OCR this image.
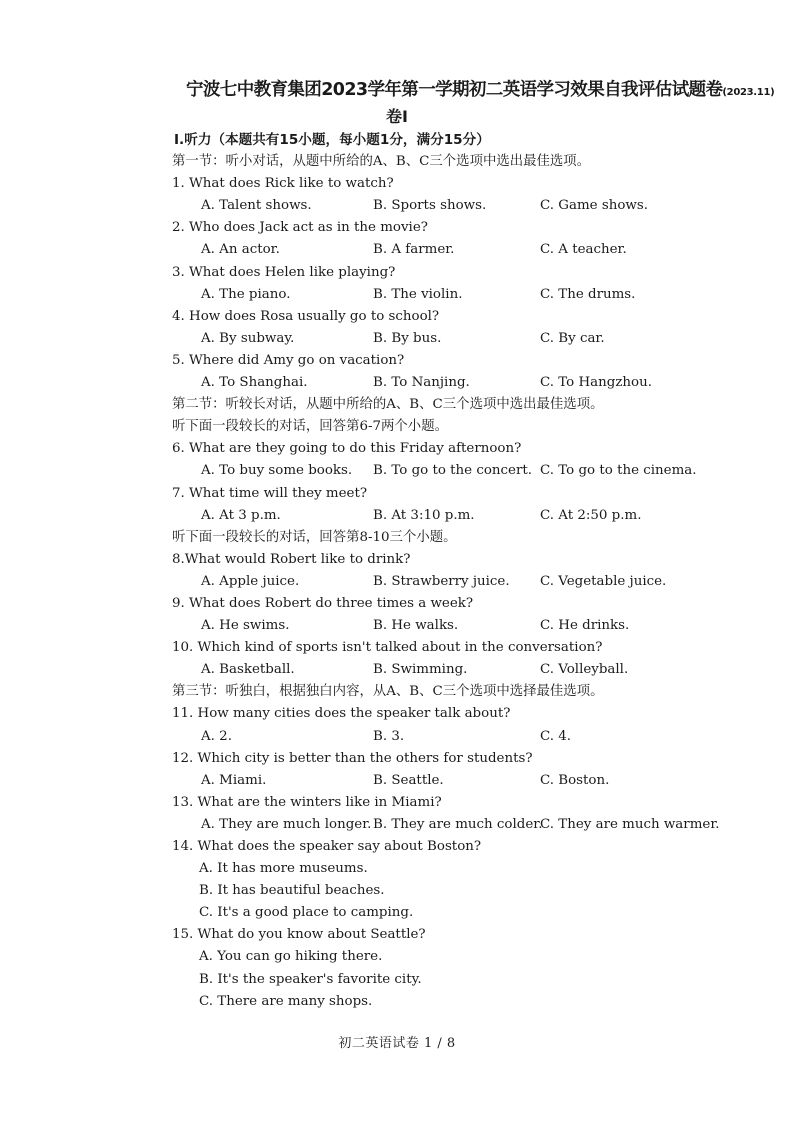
宁波七中教育集团2023学年第一学期初二英语学习效果自我评估试题卷(2023.11)
卷I
I.听力（本题共有15小题，每小题1分，满分15分）
第一节：听小对话，从题中所给的A、B、C三个选项中选出最佳选项。
1. What does Rick like to watch?
A. Talent shows.	B. Sports shows.	C. Game shows.
2. Who does Jack act as in the movie?
A. An actor.	B. A farmer.	C. A teacher.
3. What does Helen like playing?
A. The piano.	B. The violin.	C. The drums.
4. How does Rosa usually go to school?
A. By subway.	B. By bus.	C. By car.
5. Where did Amy go on vacation?
A. To Shanghai.	B. To Nanjing.	C. To Hangzhou.
第二节：听较长对话，从题中所给的A、B、C三个选项中选出最佳选项。
听下面一段较长的对话，回答第6-7两个小题。
6. What are they going to do this Friday afternoon?
A. To buy some books. B. To go to the concert. C. To go to the cinema.
7. What time will they meet?
A. At 3 p.m.	B. At 3:10 p.m.	C. At 2:50 p.m.
听下面一段较长的对话，回答第8-10三个小题。
8.What would Robert like to drink?
A. Apple juice.	B. Strawberry juice. C. Vegetable juice.
9. What does Robert do three times a week?
A. He swims.	B. He walks.	C. He drinks.
10. Which kind of sports isn't talked about in the conversation?
A. Basketball.	B. Swimming.	C. Volleyball.
第三节：听独白，根据独白内容，从A、B、C三个选项中选择最佳选项。
11. How many cities does the speaker talk about?
A. 2.	B. 3.	C. 4.
12. Which city is better than the others for students?
A. Miami.	B. Seattle.	C. Boston.
13. What are the winters like in Miami?
A. They are much longer. B. They are much colder.
C. They are much warmer.
14. What does the speaker say about Boston?
A. It has more museums.
B. It has beautiful beaches.
C. It's a good place to camping.
15. What do you know about Seattle?
A. You can go hiking there.
B. It's the speaker's favorite city.
C. There are many shops.
初二英语试卷 1 / 8
